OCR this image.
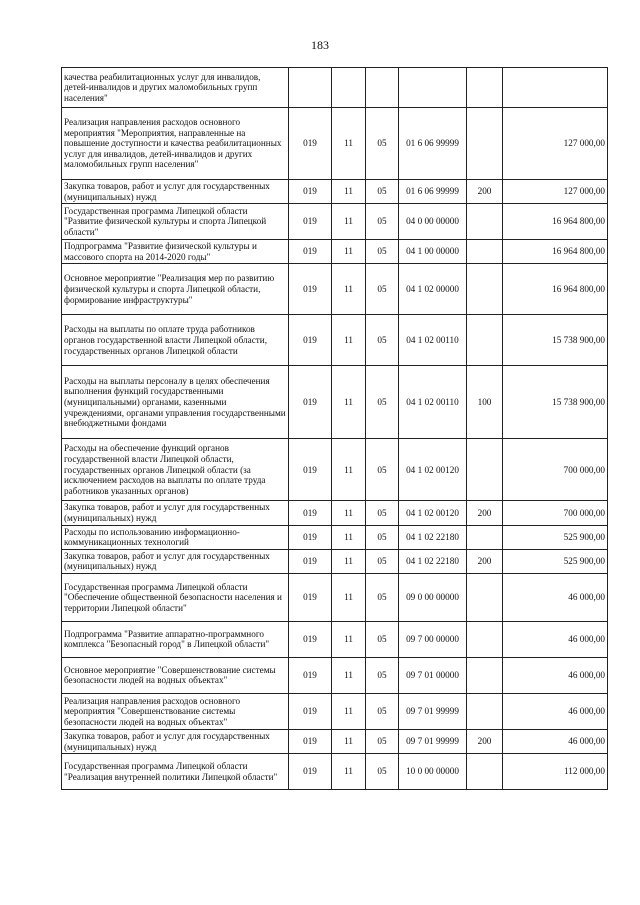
183
качества реабилитационных услуг для инвалидов, детей-инвалидов и других маломобильных групп населения"						
Реализация направления расходов основного мероприятия "Мероприятия, направленные на повышение доступности и качества реабилитационных услуг для инвалидов, детей-инвалидов и других маломобильных групп населения"	019	11	05	01 6 06 99999		127 000,00
Закупка товаров, работ и услуг для государственных (муниципальных) нужд	019	11	05	01 6 06 99999	200	127 000,00
Государственная программа Липецкой области "Развитие физической культуры и спорта Липецкой области"	019	11	05	04 0 00 00000		16 964 800,00
Подпрограмма "Развитие физической культуры и массового спорта на 2014-2020 годы"	019	11	05	04 1 00 00000		16 964 800,00
Основное мероприятие "Реализация мер по развитию физической культуры и спорта Липецкой области, формирование инфраструктуры"	019	11	05	04 1 02 00000		16 964 800,00
Расходы на выплаты по оплате труда работников органов государственной власти Липецкой области, государственных органов Липецкой области	019	11	05	04 1 02 00110		15 738 900,00
Расходы на выплаты персоналу в целях обеспечения выполнения функций государственными (муниципальными) органами, казенными учреждениями, органами управления государственными внебюджетными фондами	019	11	05	04 1 02 00110	100	15 738 900,00
Расходы на обеспечение функций органов государственной власти Липецкой области, государственных органов Липецкой области (за исключением расходов на выплаты по оплате труда работников указанных органов)	019	11	05	04 1 02 00120		700 000,00
Закупка товаров, работ и услуг для государственных (муниципальных) нужд	019	11	05	04 1 02 00120	200	700 000,00
Расходы по использованию информационно-коммуникационных технологий	019	11	05	04 1 02 22180		525 900,00
Закупка товаров, работ и услуг для государственных (муниципальных) нужд	019	11	05	04 1 02 22180	200	525 900,00
Государственная программа Липецкой области "Обеспечение общественной безопасности населения и территории Липецкой области"	019	11	05	09 0 00 00000		46 000,00
Подпрограмма "Развитие аппаратно-программного комплекса "Безопасный город" в Липецкой области"	019	11	05	09 7 00 00000		46 000,00
Основное мероприятие "Совершенствование системы безопасности людей на водных объектах"	019	11	05	09 7 01 00000		46 000,00
Реализация направления расходов основного мероприятия "Совершенствование системы безопасности людей на водных объектах"	019	11	05	09 7 01 99999		46 000,00
Закупка товаров, работ и услуг для государственных (муниципальных) нужд	019	11	05	09 7 01 99999	200	46 000,00
Государственная программа Липецкой области "Реализация внутренней политики Липецкой области"	019	11	05	10 0 00 00000		112 000,00
